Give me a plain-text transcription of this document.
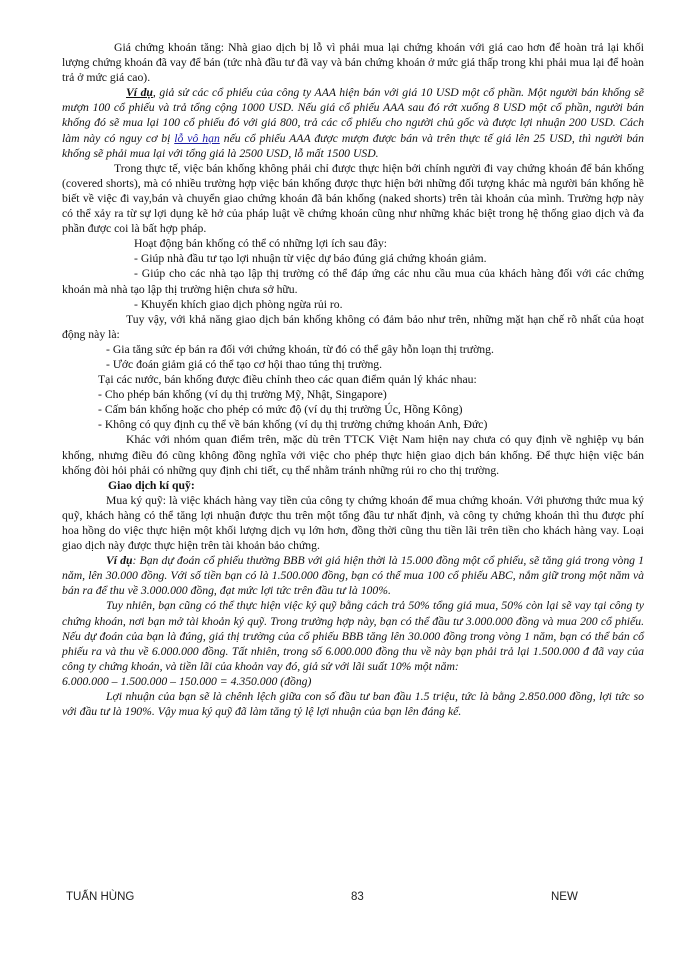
Giá chứng khoán tăng: Nhà giao dịch bị lỗ vì phải mua lại chứng khoán với giá cao hơn để hoàn trả lại khối lượng chứng khoán đã vay để bán (tức nhà đầu tư đã vay và bán chứng khoán ở mức giá thấp trong khi phải mua lại để hoàn trả ở mức giá cao).

Ví dụ, giả sử các cổ phiếu của công ty AAA hiện bán với giá 10 USD một cổ phần. Một người bán khống sẽ mượn 100 cổ phiếu và trả tổng cộng 1000 USD. Nếu giá cổ phiếu AAA sau đó rớt xuống 8 USD một cổ phần, người bán khống đó sẽ mua lại 100 cổ phiếu đó với giá 800, trả các cổ phiếu cho người chủ gốc và được lợi nhuận 200 USD. Cách làm này có nguy cơ bị lỗ vô hạn nếu cổ phiếu AAA được mượn được bán và trên thực tế giá lên 25 USD, thì người bán khống sẽ phải mua lại với tổng giá là 2500 USD, lỗ mất 1500 USD.

Trong thực tế, việc bán khống không phải chỉ được thực hiện bởi chính người đi vay chứng khoán để bán khống (covered shorts), mà có nhiều trường hợp việc bán khống được thực hiện bởi những đối tượng khác mà người bán khống hề biết về việc đi vay,bán và chuyển giao chứng khoán đã bán khống (naked shorts) trên tài khoản của mình. Trường hợp này có thể xảy ra từ sự lợi dụng kẽ hở của pháp luật về chứng khoán cũng như những khác biệt trong hệ thống giao dịch và đa phần được coi là bất hợp pháp.

Hoạt động bán khống có thể có những lợi ích sau đây:

- Giúp nhà đầu tư tạo lợi nhuận từ việc dự báo đúng giá chứng khoán giảm.

- Giúp cho các nhà tạo lập thị trường có thể đáp ứng các nhu cầu mua của khách hàng đối với các chứng khoán mà nhà tạo lập thị trường hiện chưa sở hữu.

- Khuyến khích giao dịch phòng ngừa rủi ro.

Tuy vậy, với khả năng giao dịch bán khống không có đảm bảo như trên, những mặt hạn chế rõ nhất của hoạt động này là:

- Gia tăng sức ép bán ra đối với chứng khoán, từ đó có thể gây hỗn loạn thị trường.

- Ước đoán giảm giá có thể tạo cơ hội thao túng thị trường.

Tại các nước, bán khống được điều chỉnh theo các quan điểm quản lý khác nhau:

- Cho phép bán khống (ví dụ thị trường Mỹ, Nhật, Singapore)

- Cấm bán khống hoặc cho phép có mức độ (ví dụ thị trường Úc, Hồng Kông)

- Không có quy định cụ thể về bán khống (ví dụ thị trường chứng khoán Anh, Đức)

Khác với nhóm quan điểm trên, mặc dù trên TTCK Việt Nam hiện nay chưa có quy định về nghiệp vụ bán khống, nhưng điều đó cũng không đồng nghĩa với việc cho phép thực hiện giao dịch bán khống. Để thực hiện việc bán khống đòi hỏi phải có những quy định chi tiết, cụ thể nhằm tránh những rủi ro cho thị trường.

Giao dịch kí quỹ:

Mua ký quỹ: là việc khách hàng vay tiền của công ty chứng khoán để mua chứng khoán. Với phương thức mua ký quỹ, khách hàng có thể tăng lợi nhuận được thu trên một tổng đầu tư nhất định, và công ty chứng khoán thì thu được phí hoa hồng do việc thực hiện một khối lượng dịch vụ lớn hơn, đồng thời cũng thu tiền lãi trên tiền cho khách hàng vay. Loại giao dịch này được thực hiện trên tài khoản bảo chứng.

Ví dụ: Bạn dự đoán cổ phiếu thường BBB với giá hiện thời là 15.000 đồng một cổ phiếu, sẽ tăng giá trong vòng 1 năm, lên 30.000 đồng. Với số tiền bạn có là 1.500.000 đồng, bạn có thể mua 100 cổ phiếu ABC, nắm giữ trong một năm và bán ra để thu về 3.000.000 đồng, đạt mức lợi tức trên đầu tư là 100%.

Tuy nhiên, bạn cũng có thể thực hiện việc ký quỹ bằng cách trả 50% tổng giá mua, 50% còn lại sẽ vay tại công ty chứng khoán, nơi bạn mở tài khoản ký quỹ. Trong trường hợp này, bạn có thể đầu tư 3.000.000 đồng và mua 200 cổ phiếu. Nếu dự đoán của bạn là đúng, giá thị trường của cổ phiếu BBB tăng lên 30.000 đồng trong vòng 1 năm, bạn có thể bán cổ phiếu ra và thu về 6.000.000 đồng. Tất nhiên, trong số 6.000.000 đồng thu về này bạn phải trả lại 1.500.000 đ đã vay của công ty chứng khoán, và tiền lãi của khoản vay đó, giả sử với lãi suất 10% một năm:

6.000.000 – 1.500.000 – 150.000 = 4.350.000 (đồng)

Lợi nhuận của bạn sẽ là chênh lệch giữa con số đầu tư ban đầu 1.5 triệu, tức là bằng 2.850.000 đồng, lợi tức so với đầu tư là 190%. Vậy mua ký quỹ đã làm tăng tỷ lệ lợi nhuận của bạn lên đáng kể.

TUẤN HÙNG	83	NEW
